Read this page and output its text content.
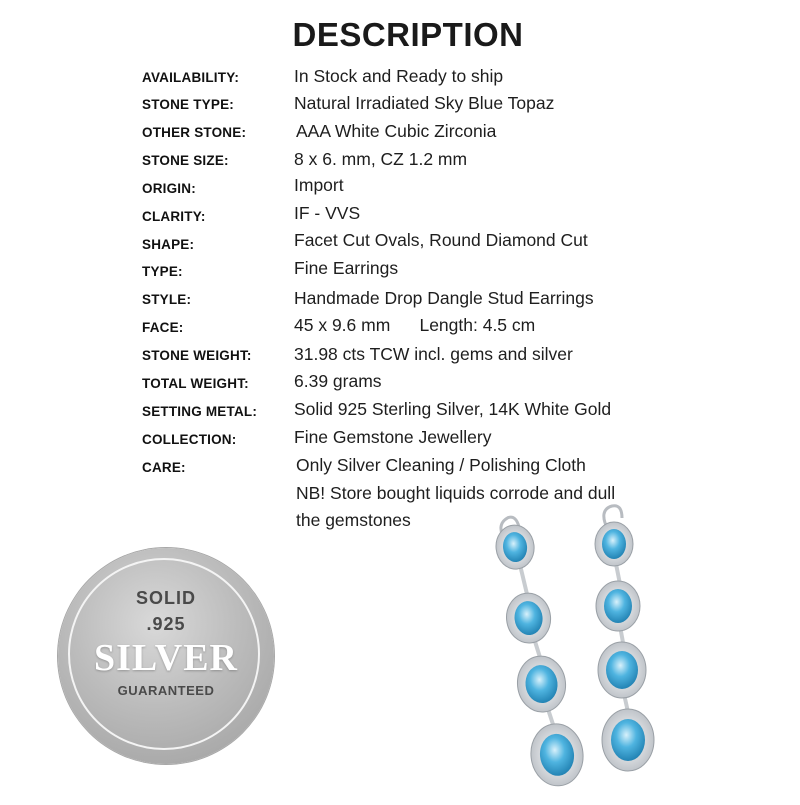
DESCRIPTION
AVAILABILITY:	In Stock and Ready to ship
STONE TYPE:	Natural Irradiated Sky Blue Topaz
OTHER STONE:	AAA White Cubic Zirconia
STONE SIZE:	8 x 6. mm, CZ 1.2 mm
ORIGIN:	Import
CLARITY:	IF - VVS
SHAPE:	Facet Cut Ovals, Round Diamond Cut
TYPE:	Fine Earrings
STYLE:	Handmade Drop Dangle Stud Earrings
FACE:	45 x 9.6 mm      Length: 4.5 cm
STONE WEIGHT: 31.98 cts TCW incl. gems and silver
TOTAL WEIGHT:	6.39 grams
SETTING METAL: Solid 925 Sterling Silver, 14K White Gold
COLLECTION:	Fine Gemstone Jewellery
CARE:	Only Silver Cleaning / Polishing Cloth
NB! Store bought liquids corrode and dull
the gemstones
SOLID
.925
SILVER
GUARANTEED
